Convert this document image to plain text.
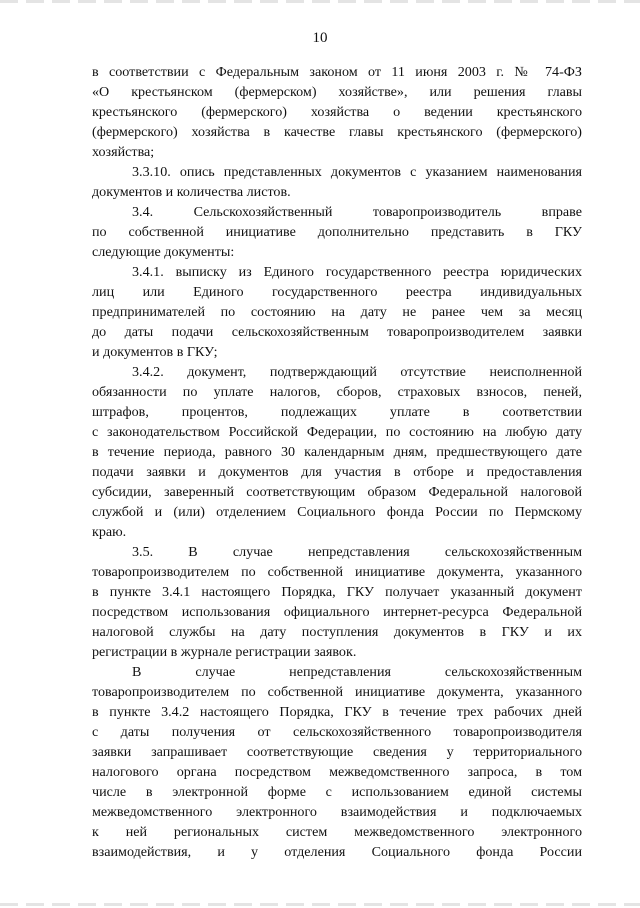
10
в соответствии с Федеральным законом от 11 июня 2003 г. № 74-ФЗ
«О крестьянском (фермерском) хозяйстве», или решения главы
крестьянского (фермерского) хозяйства о ведении крестьянского
(фермерского) хозяйства в качестве главы крестьянского (фермерского)
хозяйства;
3.3.10. опись представленных документов с указанием наименования
документов и количества листов.
3.4. Сельскохозяйственный товаропроизводитель вправе
по собственной инициативе дополнительно представить в ГКУ
следующие документы:
3.4.1. выписку из Единого государственного реестра юридических
лиц или Единого государственного реестра индивидуальных
предпринимателей по состоянию на дату не ранее чем за месяц
до даты подачи сельскохозяйственным товаропроизводителем заявки
и документов в ГКУ;
3.4.2. документ, подтверждающий отсутствие неисполненной
обязанности по уплате налогов, сборов, страховых взносов, пеней,
штрафов, процентов, подлежащих уплате в соответствии
с законодательством Российской Федерации, по состоянию на любую дату
в течение периода, равного 30 календарным дням, предшествующего дате
подачи заявки и документов для участия в отборе и предоставления
субсидии, заверенный соответствующим образом Федеральной налоговой
службой и (или) отделением Социального фонда России по Пермскому
краю.
3.5. В случае непредставления сельскохозяйственным
товаропроизводителем по собственной инициативе документа, указанного
в пункте 3.4.1 настоящего Порядка, ГКУ получает указанный документ
посредством использования официального интернет-ресурса Федеральной
налоговой службы на дату поступления документов в ГКУ и их
регистрации в журнале регистрации заявок.
В случае непредставления сельскохозяйственным
товаропроизводителем по собственной инициативе документа, указанного
в пункте 3.4.2 настоящего Порядка, ГКУ в течение трех рабочих дней
с даты получения от сельскохозяйственного товаропроизводителя
заявки запрашивает соответствующие сведения у территориального
налогового органа посредством межведомственного запроса, в том
числе в электронной форме с использованием единой системы
межведомственного электронного взаимодействия и подключаемых
к ней региональных систем межведомственного электронного
взаимодействия, и у отделения Социального фонда России
